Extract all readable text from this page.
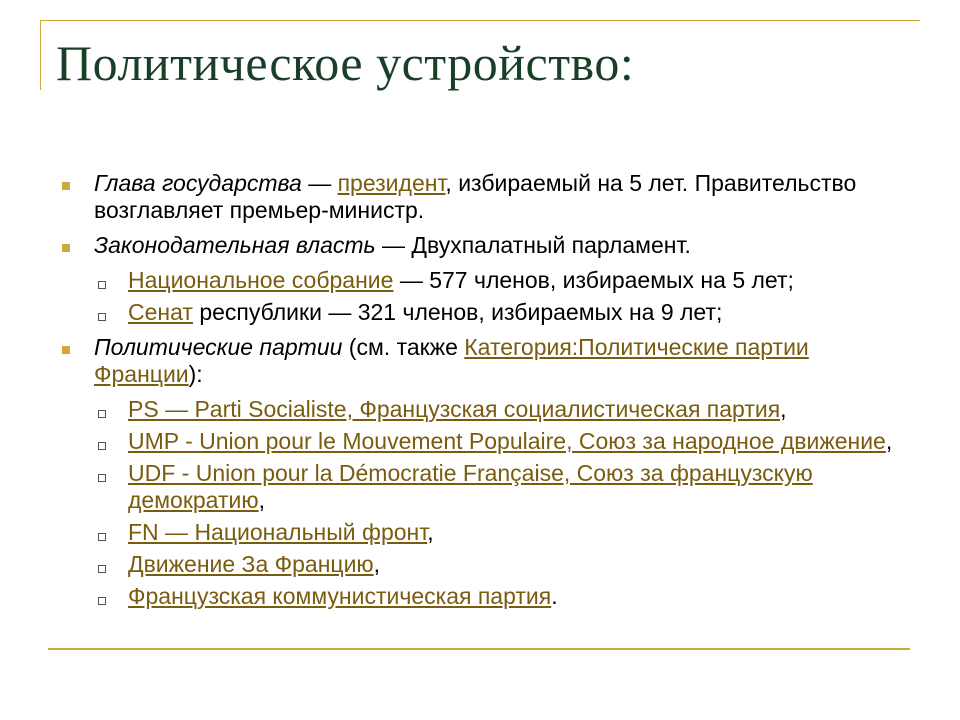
Политическое устройство:
Глава государства — президент, избираемый на 5 лет. Правительство возглавляет премьер-министр.
Законодательная власть — Двухпалатный парламент.
Национальное собрание — 577 членов, избираемых на 5 лет;
Сенат республики — 321 членов, избираемых на 9 лет;
Политические партии (см. также Категория:Политические партии Франции):
PS — Parti Socialiste, Французская социалистическая партия,
UMP - Union pour le Mouvement Populaire, Союз за народное движение,
UDF - Union pour la Démocratie Française, Союз за французскую демократию,
FN — Национальный фронт,
Движение За Францию,
Французская коммунистическая партия.
